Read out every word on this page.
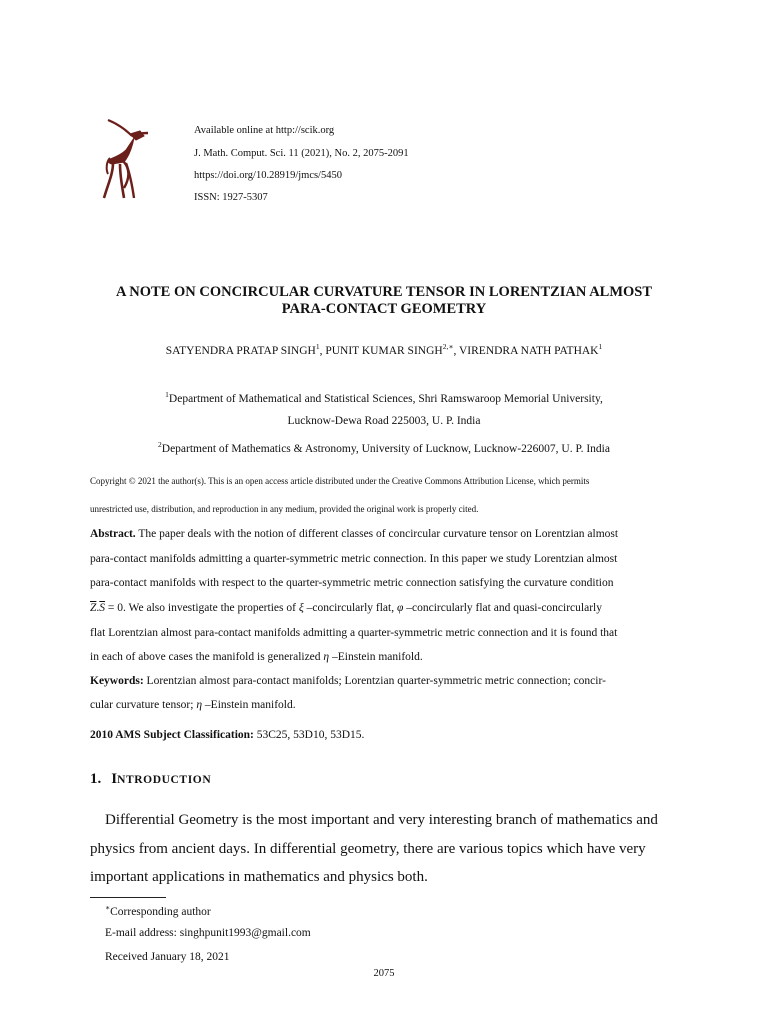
Available online at http://scik.org
J. Math. Comput. Sci. 11 (2021), No. 2, 2075-2091
https://doi.org/10.28919/jmcs/5450
ISSN: 1927-5307
A NOTE ON CONCIRCULAR CURVATURE TENSOR IN LORENTZIAN ALMOST
PARA-CONTACT GEOMETRY
SATYENDRA PRATAP SINGH$^1$, PUNIT KUMAR $SINGH^{2,∗}$, VIRENDRA NATH PATHAK$^1$
$^1$Department of Mathematical and Statistical Sciences, Shri Ramswaroop Memorial University,
Lucknow-Dewa Road 225003, U. P. India
$^2$Department of Mathematics & Astronomy, University of Lucknow, Lucknow-226007, U. P. India
Copyright © 2021 the author(s). This is an open access article distributed under the Creative Commons Attribution License, which permits
unrestricted use, distribution, and reproduction in any medium, provided the original work is properly cited.
Abstract. The paper deals with the notion of different classes of concircular curvature tensor on Lorentzian almost
para-contact manifolds admitting a quarter-symmetric metric connection. In this paper we study Lorentzian almost
para-contact manifolds with respect to the quarter-symmetric metric connection satisfying the curvature condition
$\overline{Z}.\overline{S} = 0$. We also investigate the properties of ξ –concircularly flat, φ –concircularly flat and quasi-concircularly
flat Lorentzian almost para-contact manifolds admitting a quarter-symmetric metric connection and it is found that
in each of above cases the manifold is generalized η –Einstein manifold.
Keywords: Lorentzian almost para-contact manifolds; Lorentzian quarter-symmetric metric connection; concir-
cular curvature tensor; η –Einstein manifold.
2010 AMS Subject Classification: 53C25, 53D10, 53D15.
1. INTRODUCTION
Differential Geometry is the most important and very interesting branch of mathematics and
physics from ancient days. In differential geometry, there are various topics which have very
important applications in mathematics and physics both.
∗Corresponding author
E-mail address: singhpunit1993@gmail.com
Received January 18, 2021
2075
